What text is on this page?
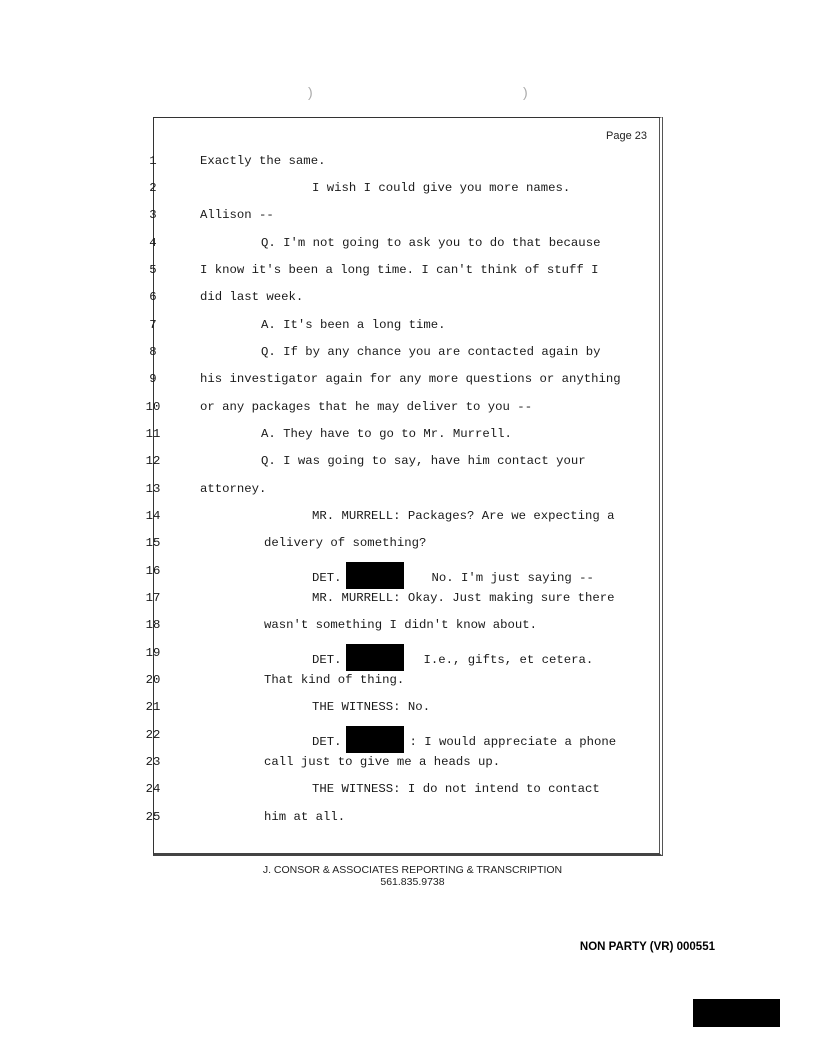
)	)
Page 23
1	Exactly the same.
2	I wish I could give you more names.
3	Allison --
4	Q. I'm not going to ask you to do that because
5	I know it's been a long time. I can't think of stuff I
6	did last week.
7	A. It's been a long time.
8	Q. If by any chance you are contacted again by
9	his investigator again for any more questions or anything
10	or any packages that he may deliver to you --
11	A. They have to go to Mr. Murrell.
12	Q. I was going to say, have him contact your
13	attorney.
14	MR. MURRELL: Packages? Are we expecting a
15	delivery of something?
16	DET.	No. I'm just saying --
17	MR. MURRELL: Okay. Just making sure there
18	wasn't something I didn't know about.
19	DET.	I.e., gifts, et cetera.
20	That kind of thing.
21	THE WITNESS: No.
22	DET.	: I would appreciate a phone
23	call just to give me a heads up.
24	THE WITNESS: I do not intend to contact
25	him at all.
J. CONSOR & ASSOCIATES REPORTING & TRANSCRIPTION
561.835.9738
NON PARTY (VR) 000551
